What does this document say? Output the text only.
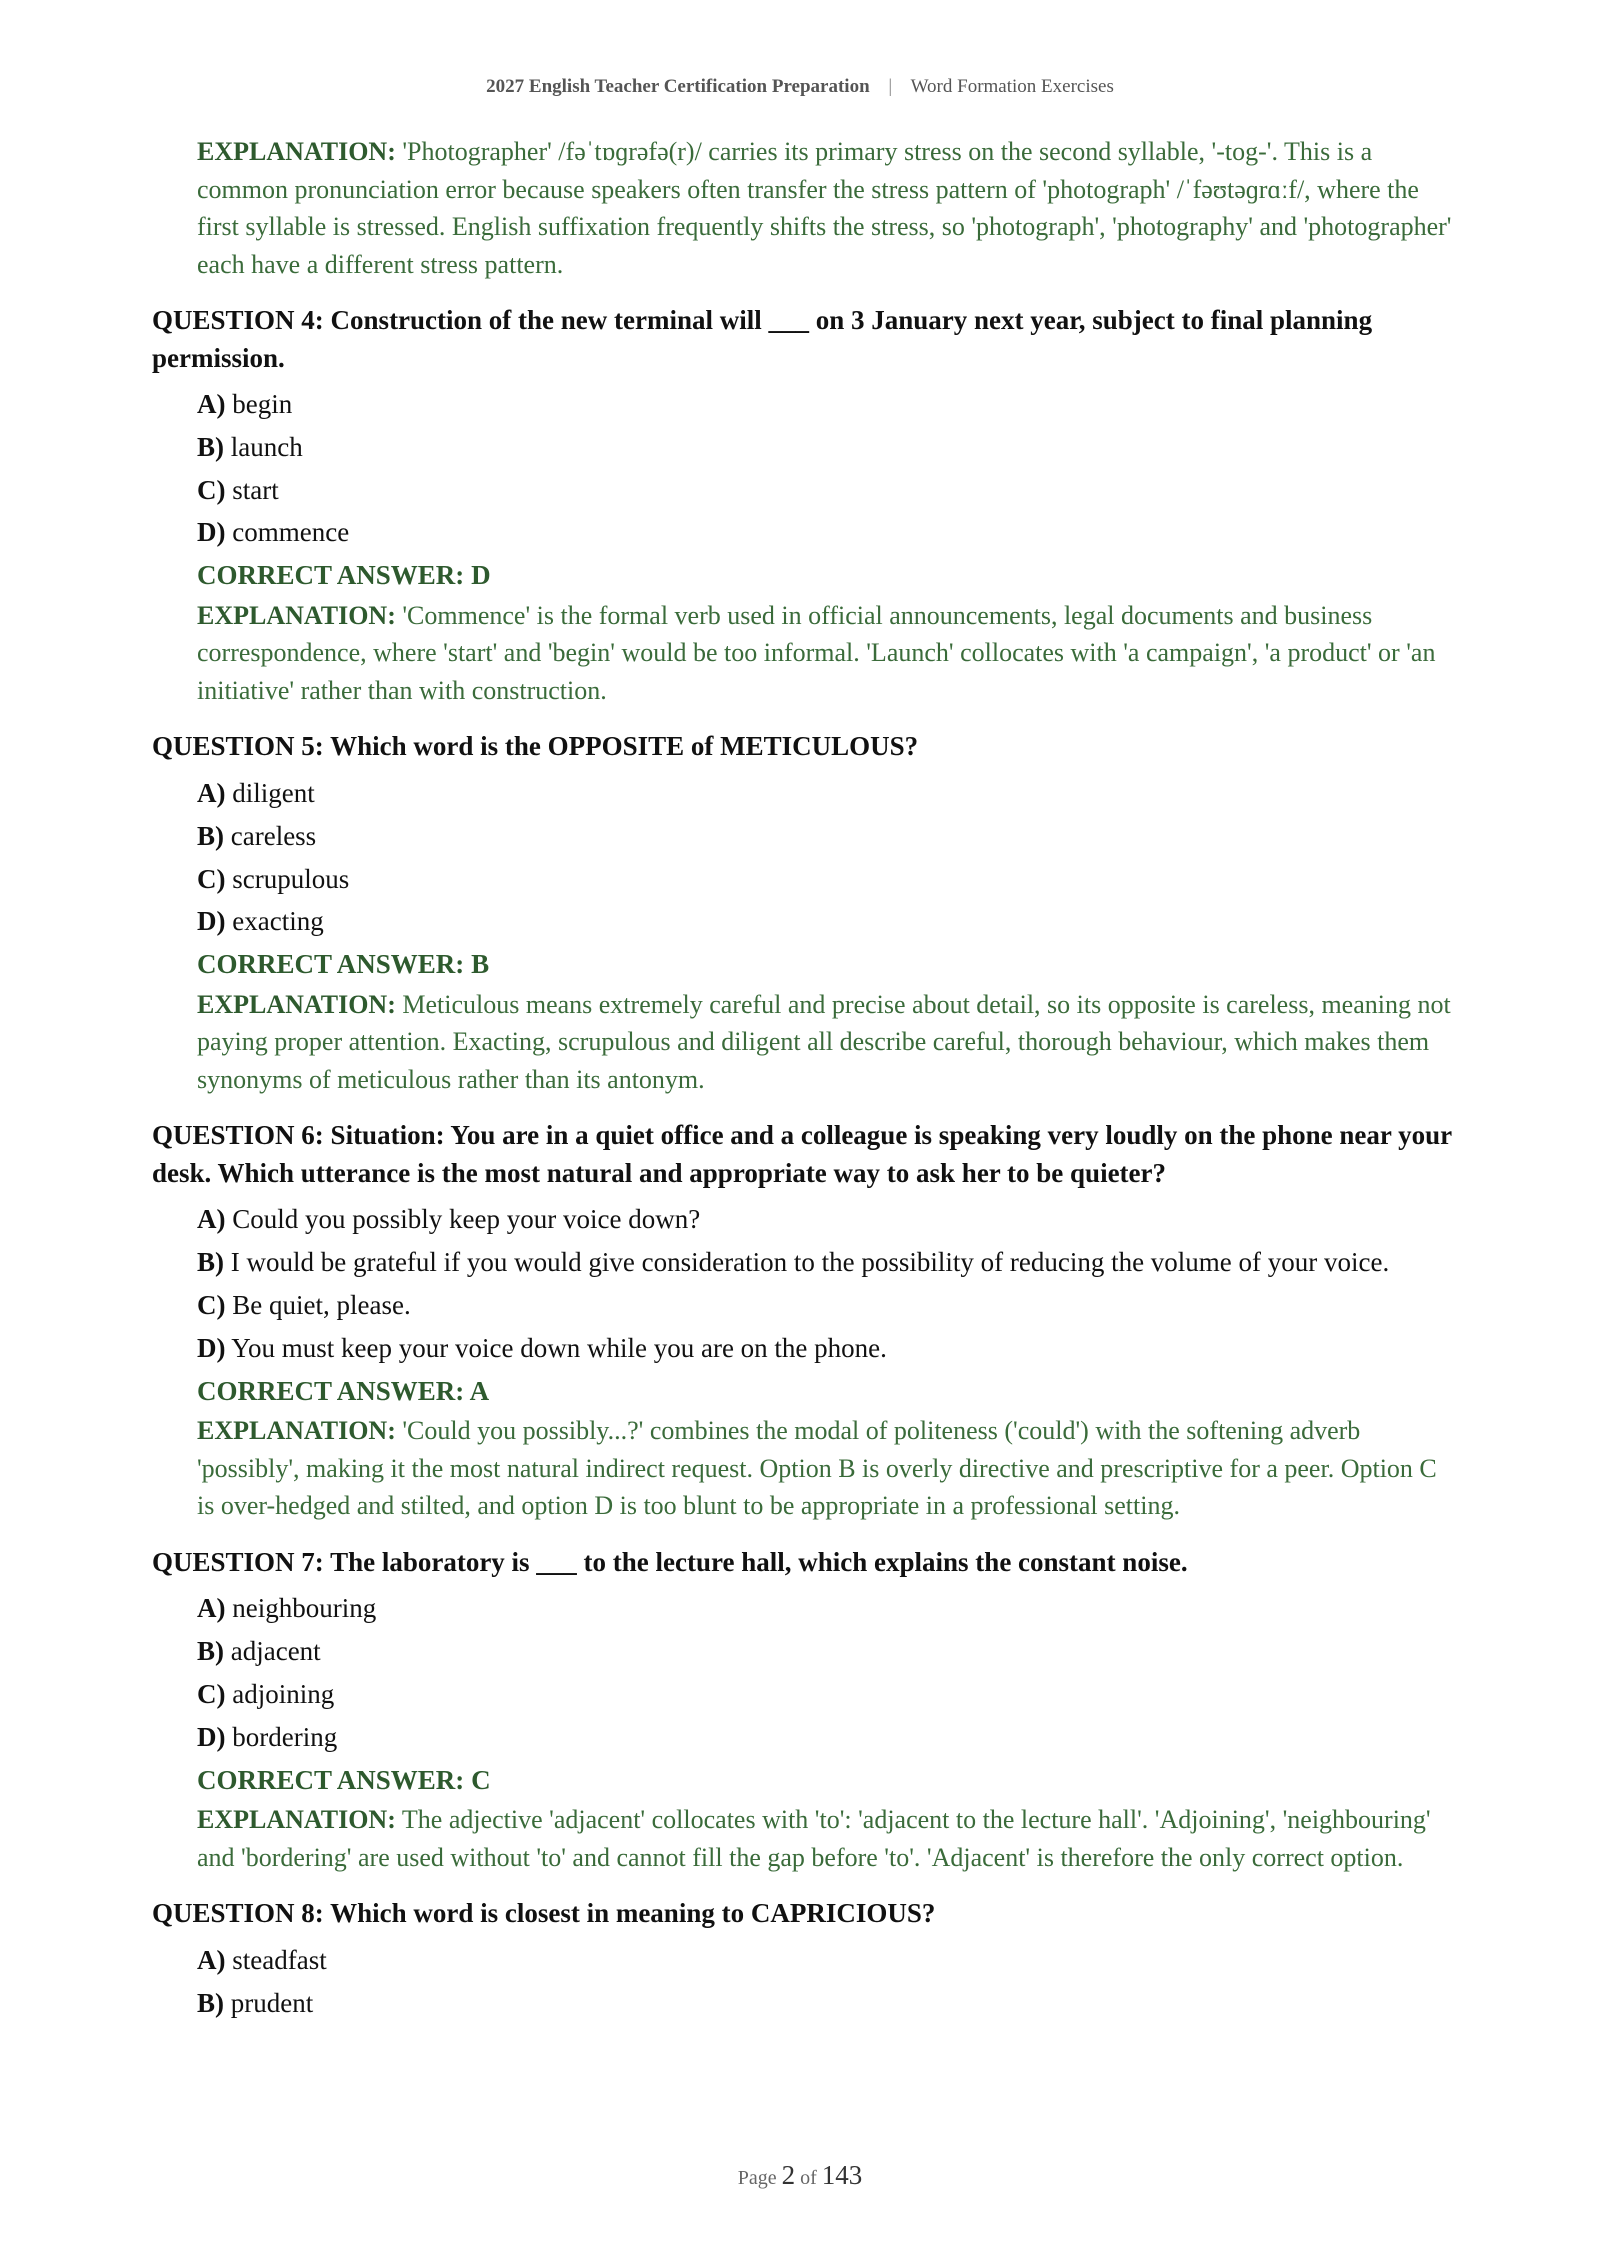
2027 English Teacher Certification Preparation | Word Formation Exercises
EXPLANATION: 'Photographer' /fəˈtɒɡrəfə(r)/ carries its primary stress on the second syllable, '-tog-'. This is a common pronunciation error because speakers often transfer the stress pattern of 'photograph' /ˈfəʊtəɡrɑːf/, where the first syllable is stressed. English suffixation frequently shifts the stress, so 'photograph', 'photography' and 'photographer' each have a different stress pattern.

QUESTION 4: Construction of the new terminal will ___ on 3 January next year, subject to final planning permission.

A) begin
B) launch
C) start
D) commence
CORRECT ANSWER: D
EXPLANATION: 'Commence' is the formal verb used in official announcements, legal documents and business correspondence, where 'start' and 'begin' would be too informal. 'Launch' collocates with 'a campaign', 'a product' or 'an initiative' rather than with construction.

QUESTION 5: Which word is the OPPOSITE of METICULOUS?

A) diligent
B) careless
C) scrupulous
D) exacting
CORRECT ANSWER: B
EXPLANATION: Meticulous means extremely careful and precise about detail, so its opposite is careless, meaning not paying proper attention. Exacting, scrupulous and diligent all describe careful, thorough behaviour, which makes them synonyms of meticulous rather than its antonym.

QUESTION 6: Situation: You are in a quiet office and a colleague is speaking very loudly on the phone near your desk. Which utterance is the most natural and appropriate way to ask her to be quieter?

A) Could you possibly keep your voice down?
B) I would be grateful if you would give consideration to the possibility of reducing the volume of your voice.
C) Be quiet, please.
D) You must keep your voice down while you are on the phone.
CORRECT ANSWER: A
EXPLANATION: 'Could you possibly...?' combines the modal of politeness ('could') with the softening adverb 'possibly', making it the most natural indirect request. Option B is overly directive and prescriptive for a peer. Option C is over-hedged and stilted, and option D is too blunt to be appropriate in a professional setting.

QUESTION 7: The laboratory is ___ to the lecture hall, which explains the constant noise.

A) neighbouring
B) adjacent
C) adjoining
D) bordering
CORRECT ANSWER: C
EXPLANATION: The adjective 'adjacent' collocates with 'to': 'adjacent to the lecture hall'. 'Adjoining', 'neighbouring' and 'bordering' are used without 'to' and cannot fill the gap before 'to'. 'Adjacent' is therefore the only correct option.

QUESTION 8: Which word is closest in meaning to CAPRICIOUS?

A) steadfast
B) prudent
Page 2 of 143
